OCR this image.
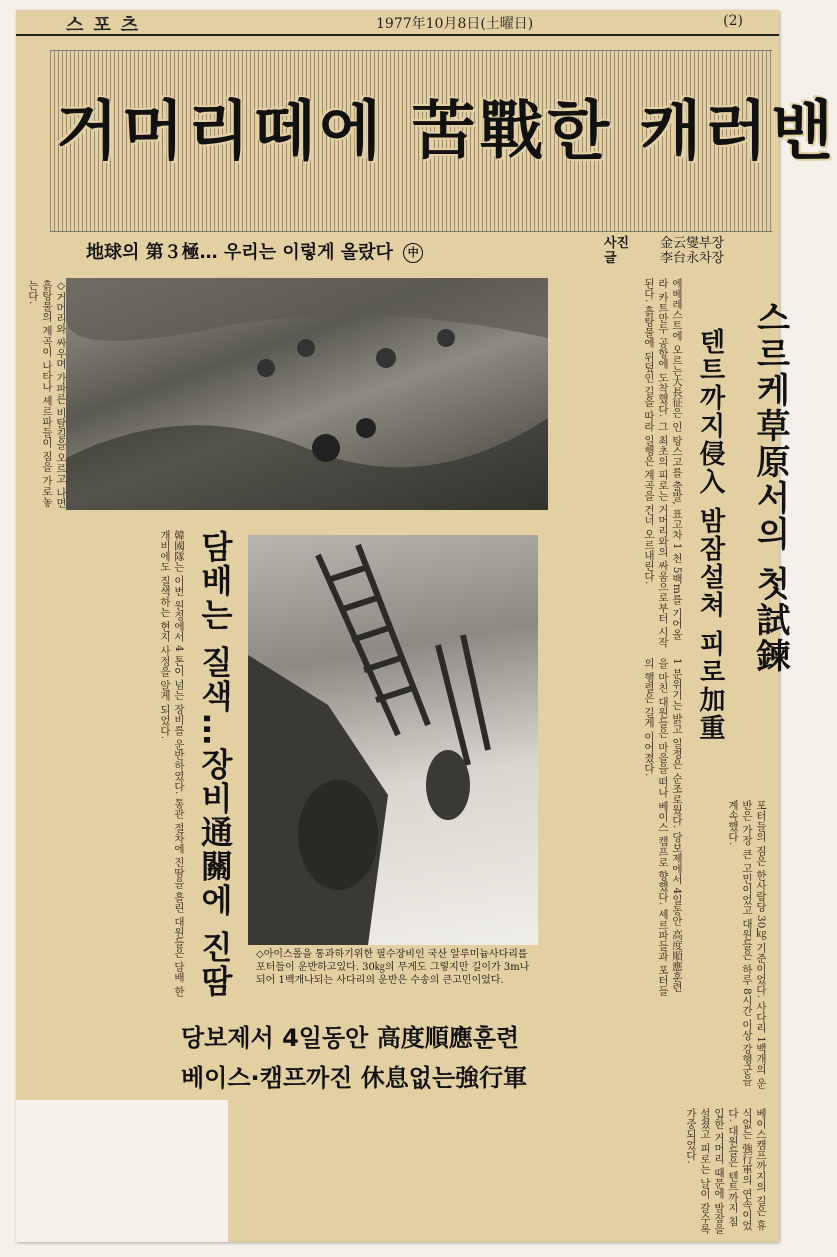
스포츠	1977年10月8日(土曜日)	(2)
거머리떼에 苦戰한 캐러밴
地球의 第３極… 우리는 이렇게 올랐다 中
사진 金云燮부장
글	李台永차장
◇거머리와 싸우며 가파른 비탈길을 오르고 나면 흙탕물의 계곡이 나타나 셰르파들이 짐을 가로놓는다.
◇아이스폴을 통과하기위한 필수장비인 국산 알루미늄사다리를 포터들이 운반하고있다. 30㎏의 무게도 그렇지만 길이가 3m나되어 1백개나되는 사다리의 운반은 수송의 큰고민이었다.
스르케草原서의 첫試鍊
텐트까지侵入 밤잠설쳐 피로加重
담배는 질색…장비通關에 진땀
에베레스트에 오르는大長征은 인 탕스고를 출발, 표고차 1 천 5백m를 기어올라 카트만두 공항에 도착했다. 그 최초의 피로는 거머리와의 싸움으로부터 시작된다. 흙탕물에 뒤덮인 길을 따라 일행은 계곡을 건너 오르내린다.
1 분위기는 밝고 일정은 순조로웠다. 당보제에서 4일동안 高度順應훈련을 마친 대원들은 마을을 떠나 베이스 캠프로 향했다. 셰르파들과 포터들의 행렬은 길게 이어졌다.
韓國隊는 이번 원정에서 4 톤이 넘는 장비를 운반하였다. 통관 절차에 진땀을 흘린 대원들은 담배 한개비에도 질색하는 현지 사정을 알게 되었다.
포터들의 짐은 한사람당 30㎏ 기준이었다. 사다리 1백개의 운반은 가장 큰 고민이었고 대원들은 하루 8시간 이상 강행군을 계속했다.
베이스캠프까지의 길은 휴식없는 強行軍의 연속이었다. 대원들은 텐트까지 침입한 거머리 때문에 밤잠을 설쳤고 피로는 날이 갈수록 가중되었다.
당보제서 4일동안 高度順應훈련
베이스·캠프까진 休息없는強行軍
